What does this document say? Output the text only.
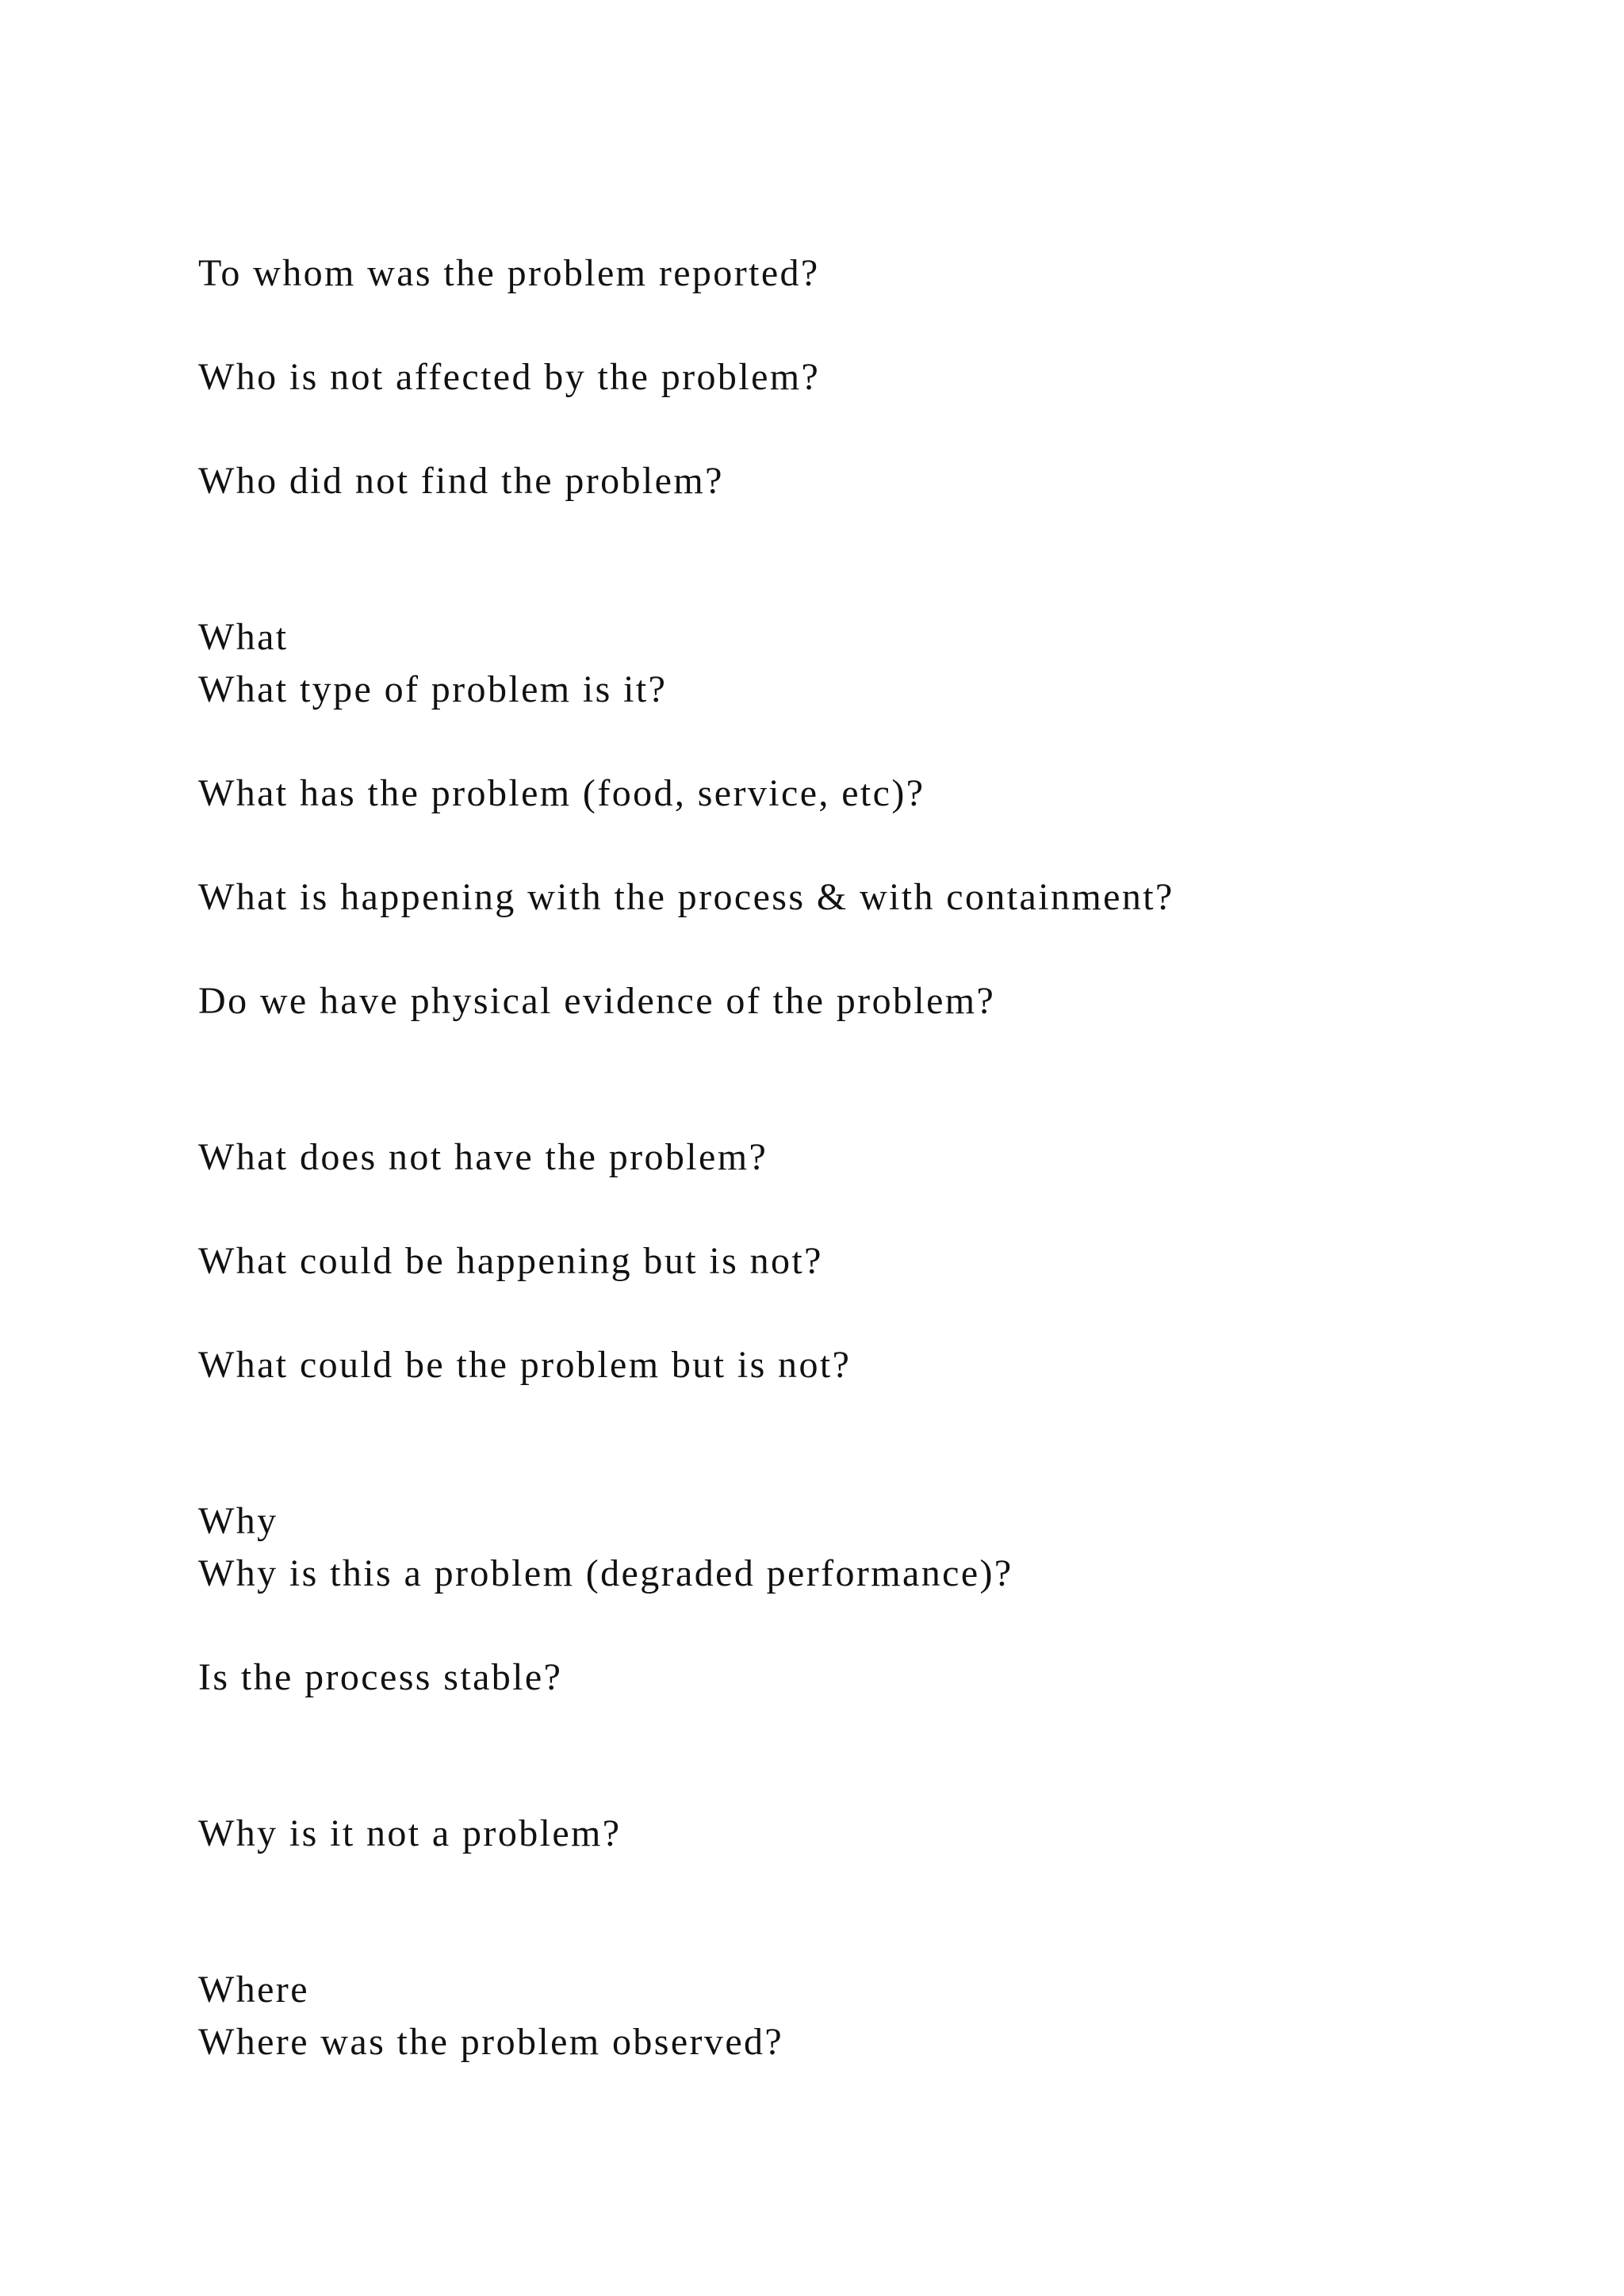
To whom was the problem reported?
Who is not affected by the problem?
Who did not find the problem?
What
What type of problem is it?
What has the problem (food, service, etc)?
What is happening with the process & with containment?
Do we have physical evidence of the problem?
What does not have the problem?
What could be happening but is not?
What could be the problem but is not?
Why
Why is this a problem (degraded performance)?
Is the process stable?
Why is it not a problem?
Where
Where was the problem observed?
